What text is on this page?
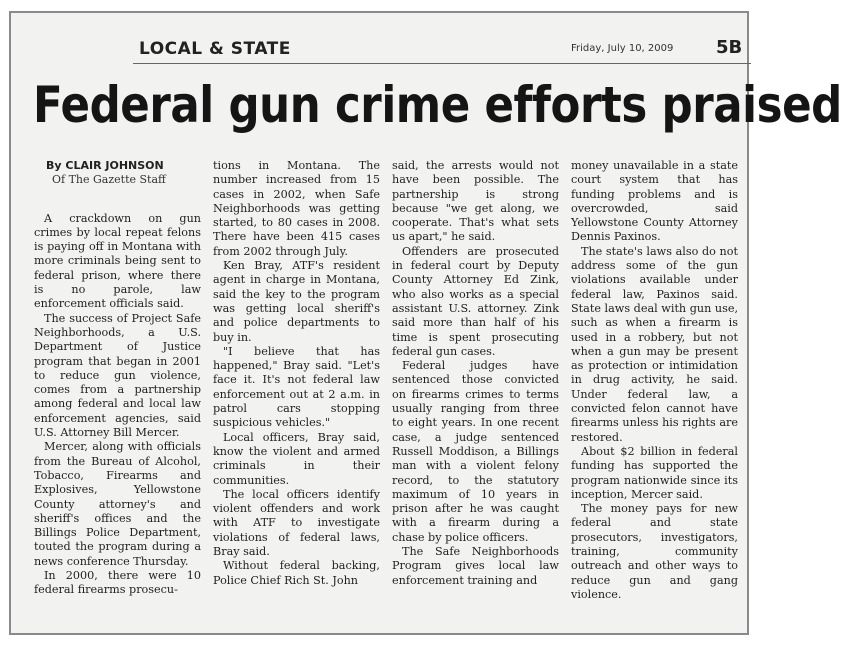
LOCAL & STATE	Friday, July 10, 2009 5B
Federal gun crime efforts praised
By CLAIR JOHNSON
Of The Gazette Staff

A crackdown on gun crimes by local repeat felons is paying off in Montana with more criminals being sent to federal prison, where there is no parole, law enforcement officials said.

The success of Project Safe Neighborhoods, a U.S. Department of Justice program that began in 2001 to reduce gun violence, comes from a partnership among federal and local law enforcement agencies, said U.S. Attorney Bill Mercer.

Mercer, along with officials from the Bureau of Alcohol, Tobacco, Firearms and Explosives, Yellowstone County attorney's and sheriff's offices and the Billings Police Department, touted the program during a news conference Thursday.

In 2000, there were 10 federal firearms prosecu-

tions in Montana. The number increased from 15 cases in 2002, when Safe Neighborhoods was getting started, to 80 cases in 2008. There have been 415 cases from 2002 through July.

Ken Bray, ATF's resident agent in charge in Montana, said the key to the program was getting local sheriff's and police departments to buy in.

"I believe that has happened," Bray said. "Let's face it. It's not federal law enforcement out at 2 a.m. in patrol cars stopping suspicious vehicles."

Local officers, Bray said, know the violent and armed criminals in their communities.

The local officers identify violent offenders and work with ATF to investigate violations of federal laws, Bray said.

Without federal backing, Police Chief Rich St. John

said, the arrests would not have been possible. The partnership is strong because "we get along, we cooperate. That's what sets us apart," he said.

Offenders are prosecuted in federal court by Deputy County Attorney Ed Zink, who also works as a special assistant U.S. attorney. Zink said more than half of his time is spent prosecuting federal gun cases.

Federal judges have sentenced those convicted on firearms crimes to terms usually ranging from three to eight years. In one recent case, a judge sentenced Russell Moddison, a Billings man with a violent felony record, to the statutory maximum of 10 years in prison after he was caught with a firearm during a chase by police officers.

The Safe Neighborhoods Program gives local law enforcement training and

money unavailable in a state court system that has funding problems and is overcrowded, said Yellowstone County Attorney Dennis Paxinos.

The state's laws also do not address some of the gun violations available under federal law, Paxinos said. State laws deal with gun use, such as when a firearm is used in a robbery, but not when a gun may be present as protection or intimidation in drug activity, he said. Under federal law, a convicted felon cannot have firearms unless his rights are restored.

About $2 billion in federal funding has supported the program nationwide since its inception, Mercer said.

The money pays for new federal and state prosecutors, investigators, training, community outreach and other ways to reduce gun and gang violence.
